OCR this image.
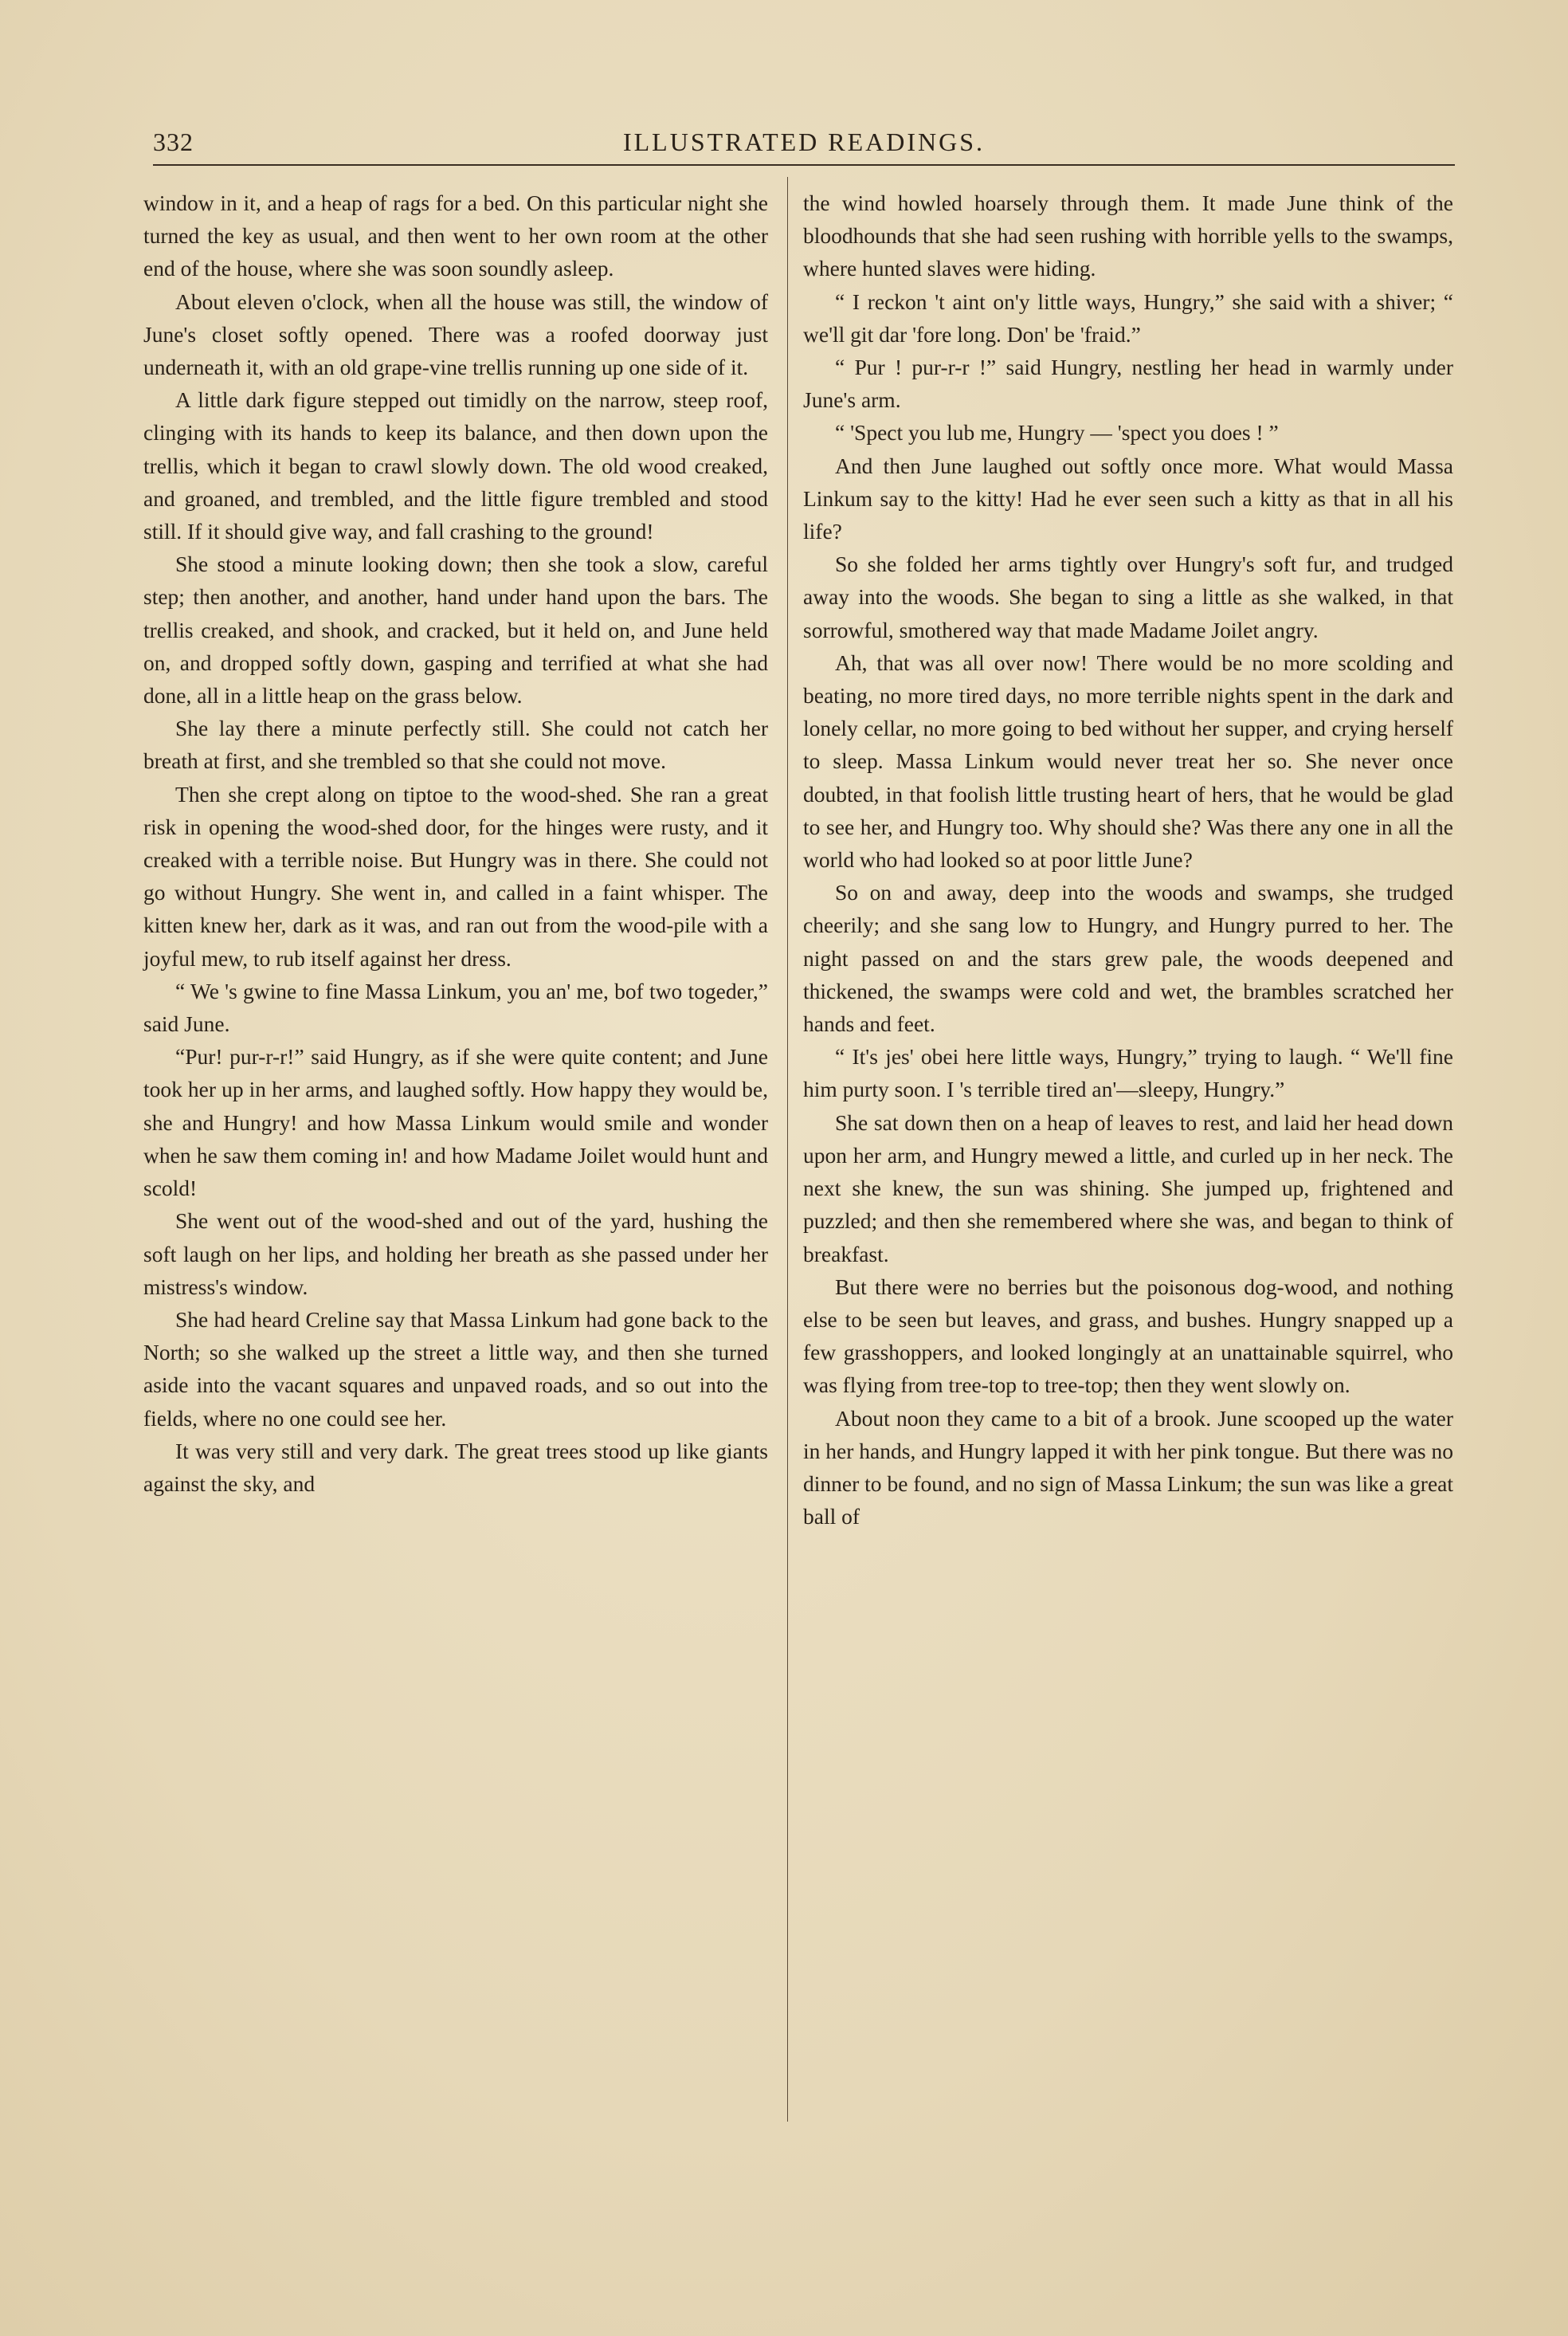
332	ILLUSTRATED READINGS.

window in it, and a heap of rags for a bed. On this particular night she turned the key as usual, and then went to her own room at the other end of the house, where she was soon soundly asleep.

About eleven o'clock, when all the house was still, the window of June's closet softly opened. There was a roofed doorway just underneath it, with an old grape-vine trellis running up one side of it.

A little dark figure stepped out timidly on the narrow, steep roof, clinging with its hands to keep its balance, and then down upon the trellis, which it began to crawl slowly down. The old wood creaked, and groaned, and trembled, and the little figure trembled and stood still. If it should give way, and fall crashing to the ground!

She stood a minute looking down; then she took a slow, careful step; then another, and another, hand under hand upon the bars. The trellis creaked, and shook, and cracked, but it held on, and June held on, and dropped softly down, gasping and terrified at what she had done, all in a little heap on the grass below.

She lay there a minute perfectly still. She could not catch her breath at first, and she trembled so that she could not move.

Then she crept along on tiptoe to the wood-shed. She ran a great risk in opening the wood-shed door, for the hinges were rusty, and it creaked with a terrible noise. But Hungry was in there. She could not go without Hungry. She went in, and called in a faint whisper. The kitten knew her, dark as it was, and ran out from the wood-pile with a joyful mew, to rub itself against her dress.

“ We 's gwine to fine Massa Linkum, you an' me, bof two togeder,” said June.

“Pur! pur-r-r!” said Hungry, as if she were quite content; and June took her up in her arms, and laughed softly. How happy they would be, she and Hungry! and how Massa Linkum would smile and wonder when he saw them coming in! and how Madame Joilet would hunt and scold!

She went out of the wood-shed and out of the yard, hushing the soft laugh on her lips, and holding her breath as she passed under her mistress's window.

She had heard Creline say that Massa Linkum had gone back to the North; so she walked up the street a little way, and then she turned aside into the vacant squares and unpaved roads, and so out into the fields, where no one could see her.

It was very still and very dark. The great trees stood up like giants against the sky, and

the wind howled hoarsely through them. It made June think of the bloodhounds that she had seen rushing with horrible yells to the swamps, where hunted slaves were hiding.

“ I reckon 't aint on'y little ways, Hungry,” she said with a shiver; “ we'll git dar 'fore long. Don' be 'fraid.”

“ Pur ! pur-r-r !” said Hungry, nestling her head in warmly under June's arm.

“ 'Spect you lub me, Hungry — 'spect you does ! ”

And then June laughed out softly once more. What would Massa Linkum say to the kitty! Had he ever seen such a kitty as that in all his life?

So she folded her arms tightly over Hungry's soft fur, and trudged away into the woods. She began to sing a little as she walked, in that sorrowful, smothered way that made Madame Joilet angry.

Ah, that was all over now! There would be no more scolding and beating, no more tired days, no more terrible nights spent in the dark and lonely cellar, no more going to bed without her supper, and crying herself to sleep. Massa Linkum would never treat her so. She never once doubted, in that foolish little trusting heart of hers, that he would be glad to see her, and Hungry too. Why should she? Was there any one in all the world who had looked so at poor little June?

So on and away, deep into the woods and swamps, she trudged cheerily; and she sang low to Hungry, and Hungry purred to her. The night passed on and the stars grew pale, the woods deepened and thickened, the swamps were cold and wet, the brambles scratched her hands and feet.

“ It's jes' obei here little ways, Hungry,” trying to laugh. “ We'll fine him purty soon. I 's terrible tired an'—sleepy, Hungry.”

She sat down then on a heap of leaves to rest, and laid her head down upon her arm, and Hungry mewed a little, and curled up in her neck. The next she knew, the sun was shining. She jumped up, frightened and puzzled; and then she remembered where she was, and began to think of breakfast.

But there were no berries but the poisonous dog-wood, and nothing else to be seen but leaves, and grass, and bushes. Hungry snapped up a few grasshoppers, and looked longingly at an unattainable squirrel, who was flying from tree-top to tree-top; then they went slowly on.

About noon they came to a bit of a brook. June scooped up the water in her hands, and Hungry lapped it with her pink tongue. But there was no dinner to be found, and no sign of Massa Linkum; the sun was like a great ball of
